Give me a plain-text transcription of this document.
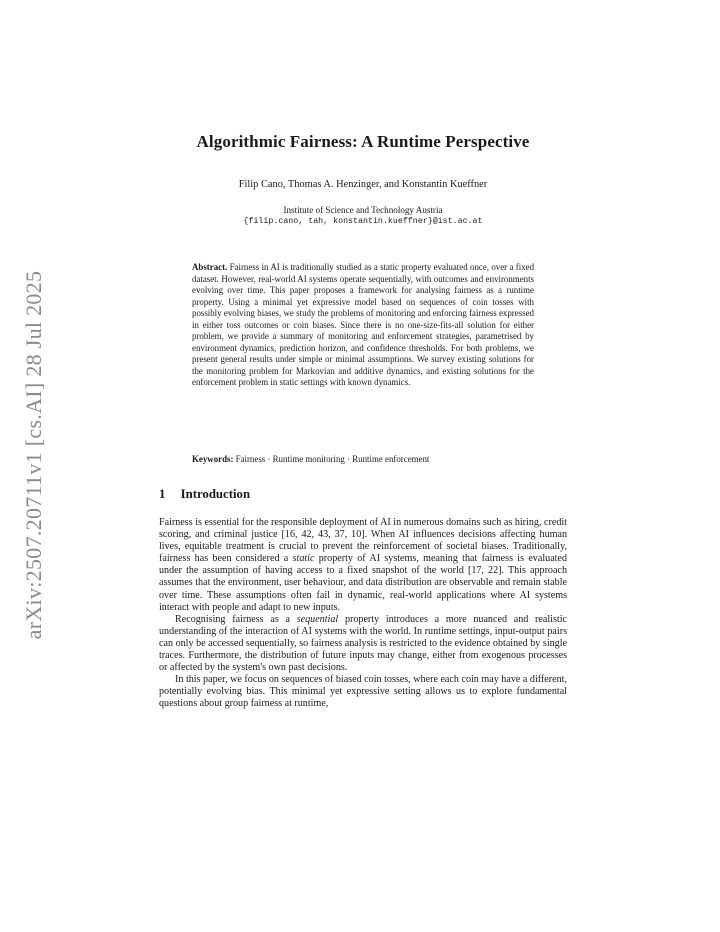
arXiv:2507.20711v1 [cs.AI] 28 Jul 2025
Algorithmic Fairness: A Runtime Perspective
Filip Cano, Thomas A. Henzinger, and Konstantin Kueffner
Institute of Science and Technology Austria
{filip.cano, tah, konstantin.kueffner}@ist.ac.at
Abstract. Fairness in AI is traditionally studied as a static property evaluated once, over a fixed dataset. However, real-world AI systems operate sequentially, with outcomes and environments evolving over time. This paper proposes a framework for analysing fairness as a runtime property. Using a minimal yet expressive model based on sequences of coin tosses with possibly evolving biases, we study the problems of monitoring and enforcing fairness expressed in either toss outcomes or coin biases. Since there is no one-size-fits-all solution for either problem, we provide a summary of monitoring and enforcement strategies, parametrised by environment dynamics, prediction horizon, and confidence thresholds. For both problems, we present general results under simple or minimal assumptions. We survey existing solutions for the monitoring problem for Markovian and additive dynamics, and existing solutions for the enforcement problem in static settings with known dynamics.
Keywords: Fairness · Runtime monitoring · Runtime enforcement
1 Introduction

Fairness is essential for the responsible deployment of AI in numerous domains such as hiring, credit scoring, and criminal justice [16, 42, 43, 37, 10]. When AI influences decisions affecting human lives, equitable treatment is crucial to prevent the reinforcement of societal biases. Traditionally, fairness has been considered a static property of AI systems, meaning that fairness is evaluated under the assumption of having access to a fixed snapshot of the world [17, 22]. This approach assumes that the environment, user behaviour, and data distribution are observable and remain stable over time. These assumptions often fail in dynamic, real-world applications where AI systems interact with people and adapt to new inputs.

Recognising fairness as a sequential property introduces a more nuanced and realistic understanding of the interaction of AI systems with the world. In runtime settings, input-output pairs can only be accessed sequentially, so fairness analysis is restricted to the evidence obtained by single traces. Furthermore, the distribution of future inputs may change, either from exogenous processes or affected by the system's own past decisions.

In this paper, we focus on sequences of biased coin tosses, where each coin may have a different, potentially evolving bias. This minimal yet expressive setting allows us to explore fundamental questions about group fairness at runtime,
